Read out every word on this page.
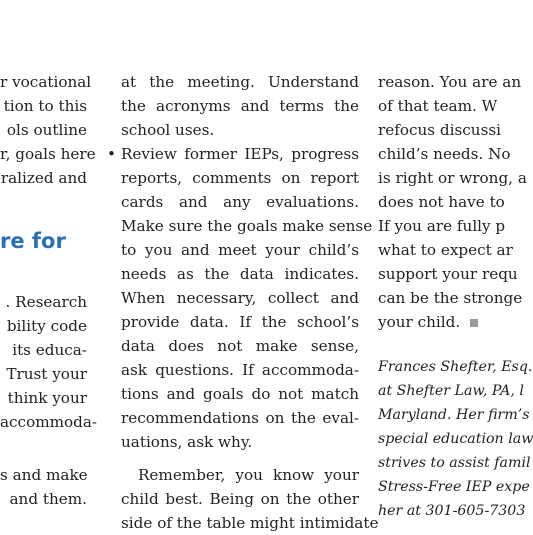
r vocational
tion to this
ols outline
r, goals here
ralized and
re for
. Research
bility code
its educa-
Trust your
think your
accommoda-
s and make
and them.
at the meeting. Understand
the acronyms and terms the
school uses.
• Review former IEPs, progress
reports, comments on report
cards and any evaluations.
Make sure the goals make sense
to you and meet your child’s
needs as the data indicates.
When necessary, collect and
provide data. If the school’s
data does not make sense,
ask questions. If accommoda-
tions and goals do not match
recommendations on the eval-
uations, ask why.
Remember, you know your
child best. Being on the other
side of the table might intimidate
reason. You are an
of that team. W
refocus discussi
child’s needs. No
is right or wrong, a
does not have to
If you are fully p
what to expect ar
support your requ
can be the stronge
your child.
Frances Shefter, Esq.
at Shefter Law, PA, l
Maryland. Her firm’s
special education law
strives to assist famil
Stress-Free IEP expe
her at 301-605-7303
